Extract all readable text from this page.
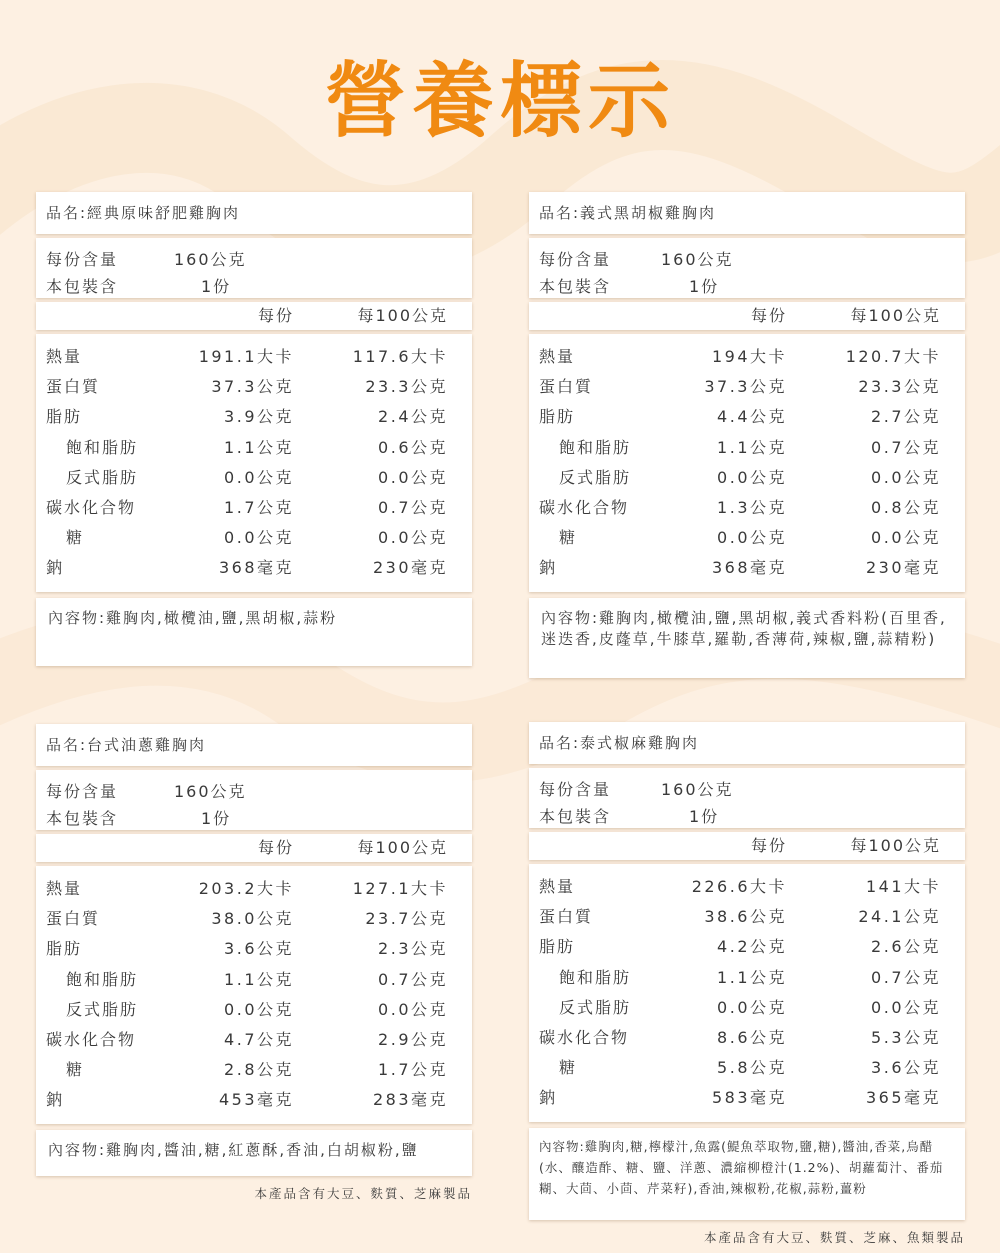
營養標示
品名:經典原味舒肥雞胸肉
每份含量	160公克
本包裝含	1份
每份	每100公克
熱量	191.1大卡	117.6大卡
蛋白質	37.3公克	23.3公克
脂肪	3.9公克	2.4公克
飽和脂肪	1.1公克	0.6公克
反式脂肪	0.0公克	0.0公克
碳水化合物	1.7公克	0.7公克
糖	0.0公克	0.0公克
鈉	368毫克	230毫克
內容物:雞胸肉,橄欖油,鹽,黑胡椒,蒜粉
品名:義式黑胡椒雞胸肉
每份含量	160公克
本包裝含	1份
每份	每100公克
熱量	194大卡	120.7大卡
蛋白質	37.3公克	23.3公克
脂肪	4.4公克	2.7公克
飽和脂肪	1.1公克	0.7公克
反式脂肪	0.0公克	0.0公克
碳水化合物	1.3公克	0.8公克
糖	0.0公克	0.0公克
鈉	368毫克	230毫克
內容物:雞胸肉,橄欖油,鹽,黑胡椒,義式香料粉(百里香,迷迭香,皮蕯草,牛膝草,羅勒,香薄荷,辣椒,鹽,蒜精粉)
品名:台式油蔥雞胸肉
每份含量	160公克
本包裝含	1份
每份	每100公克
熱量	203.2大卡	127.1大卡
蛋白質	38.0公克	23.7公克
脂肪	3.6公克	2.3公克
飽和脂肪	1.1公克	0.7公克
反式脂肪	0.0公克	0.0公克
碳水化合物	4.7公克	2.9公克
糖	2.8公克	1.7公克
鈉	453毫克	283毫克
內容物:雞胸肉,醬油,糖,紅蔥酥,香油,白胡椒粉,鹽
本產品含有大豆、麩質、芝麻製品
品名:泰式椒麻雞胸肉
每份含量	160公克
本包裝含	1份
每份	每100公克
熱量	226.6大卡	141大卡
蛋白質	38.6公克	24.1公克
脂肪	4.2公克	2.6公克
飽和脂肪	1.1公克	0.7公克
反式脂肪	0.0公克	0.0公克
碳水化合物	8.6公克	5.3公克
糖	5.8公克	3.6公克
鈉	583毫克	365毫克
內容物:雞胸肉,糖,檸檬汁,魚露(鯷魚萃取物,鹽,糖),醬油,香菜,烏醋(水、釀造酢、糖、鹽、洋蔥、濃縮柳橙汁(1.2%)、胡蘿蔔汁、番茄糊、大茴、小茴、芹菜籽),香油,辣椒粉,花椒,蒜粉,薑粉
本產品含有大豆、麩質、芝麻、魚類製品
